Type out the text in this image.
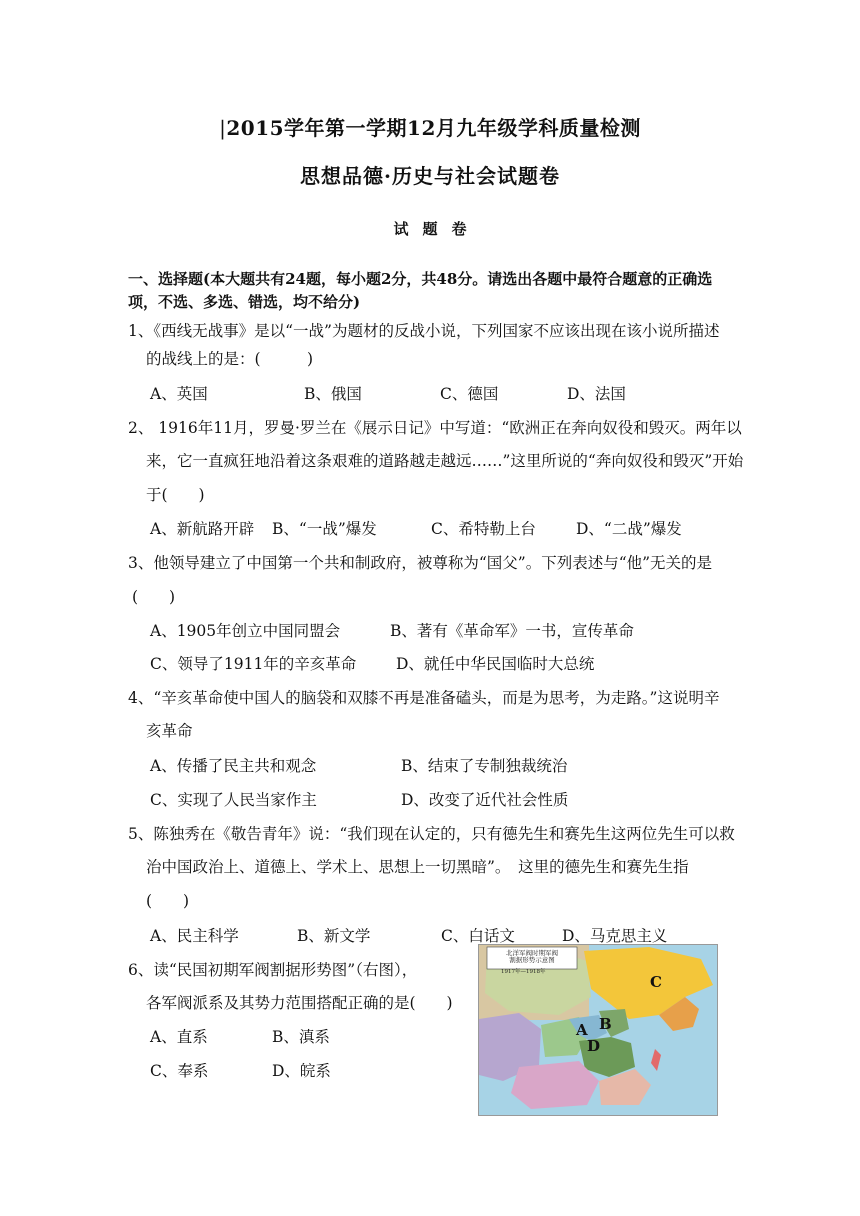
|2015学年第一学期12月九年级学科质量检测
思想品德·历史与社会试题卷
试题卷
一、选择题(本大题共有24题，每小题2分，共48分。请选出各题中最符合题意的正确选
项，不选、多选、错选，均不给分)
1、《西线无战事》是以“一战”为题材的反战小说，下列国家不应该出现在该小说所描述
的战线上的是：(　　　)
A、英国	B、俄国	C、德国	D、法国
2、 1916年11月，罗曼·罗兰在《展示日记》中写道：“欧洲正在奔向奴役和毁灭。两年以
来，它一直疯狂地沿着这条艰难的道路越走越远……”这里所说的“奔向奴役和毁灭”开始
于(　　)
A、新航路开辟 B、“一战”爆发	C、希特勒上台	D、“二战”爆发
3、他领导建立了中国第一个共和制政府，被尊称为“国父”。下列表述与“他”无关的是
(　　)
A、1905年创立中国同盟会	B、著有《革命军》一书，宣传革命
C、领导了1911年的辛亥革命	D、就任中华民国临时大总统
4、“辛亥革命使中国人的脑袋和双膝不再是准备磕头，而是为思考，为走路。”这说明辛
亥革命
A、传播了民主共和观念	B、结束了专制独裁统治
C、实现了人民当家作主	D、改变了近代社会性质
5、陈独秀在《敬告青年》说：“我们现在认定的，只有德先生和赛先生这两位先生可以救
治中国政治上、道德上、学术上、思想上一切黑暗”。　这里的德先生和赛先生指
(　　)
A、民主科学	B、新文学	C、白话文	D、马克思主义
6、读“民国初期军阀割据形势图”（右图），
各军阀派系及其势力范围搭配正确的是(　　)
A、直系	B、滇系
C、奉系	D、皖系
北洋军阀时期军阀
割据形势示意图
1917年—1918年
A B
C
D
